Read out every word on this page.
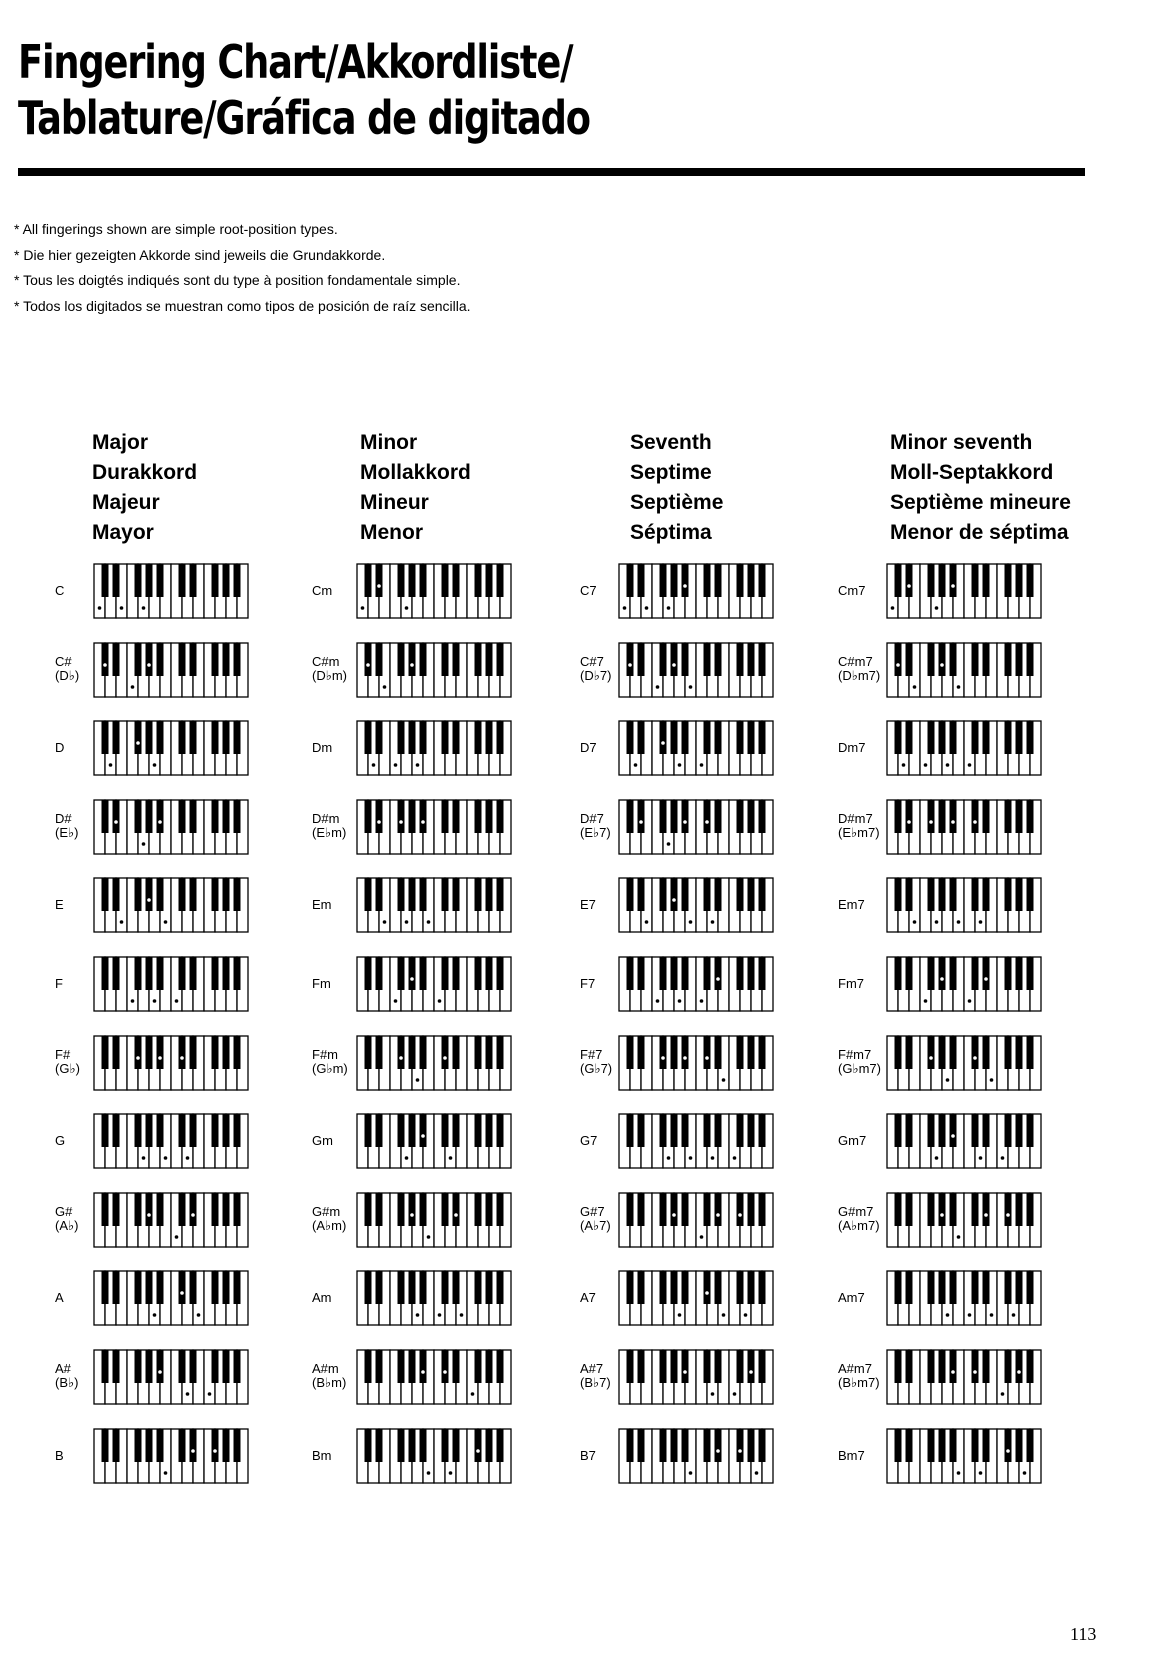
Fingering Chart/Akkordliste/
Tablature/Gráfica de digitado
* All fingerings shown are simple root-position types.
* Die hier gezeigten Akkorde sind jeweils die Grundakkorde.
* Tous les doigtés indiqués sont du type à position fondamentale simple.
* Todos los digitados se muestran como tipos de posición de raíz sencilla.
Major
Durakkord
Majeur
Mayor
C
C#
(D♭)
D
D#
(E♭)
E
F
F#
(G♭)
G
G#
(A♭)
A
A#
(B♭)
B
Minor
Mollakkord
Mineur
Menor
Cm
C#m
(D♭m)
Dm
D#m
(E♭m)
Em
Fm
F#m
(G♭m)
Gm
G#m
(A♭m)
Am
A#m
(B♭m)
Bm
Seventh
Septime
Septième
Séptima
C7
C#7
(D♭7)
D7
D#7
(E♭7)
E7
F7
F#7
(G♭7)
G7
G#7
(A♭7)
A7
A#7
(B♭7)
B7
Minor seventh
Moll-Septakkord
Septième mineure
Menor de séptima
Cm7
C#m7
(D♭m7)
Dm7
D#m7
(E♭m7)
Em7
Fm7
F#m7
(G♭m7)
Gm7
G#m7
(A♭m7)
Am7
A#m7
(B♭m7)
Bm7
113
